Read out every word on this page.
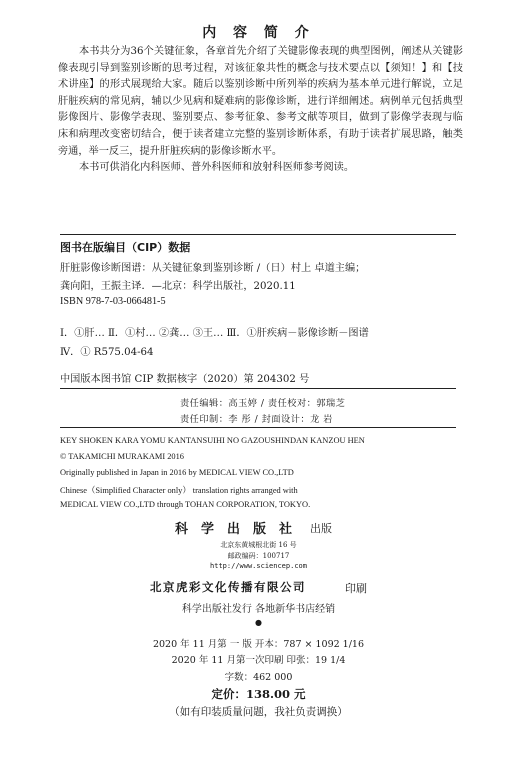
内 容 简 介

本书共分为36个关键征象，各章首先介绍了关键影像表现的典型图例，阐述从关键影像表现引导到鉴别诊断的思考过程，对该征象共性的概念与技术要点以【须知！】和【技术讲座】的形式展现给大家。随后以鉴别诊断中所列举的疾病为基本单元进行解说，立足肝脏疾病的常见病，辅以少见病和疑难病的影像诊断，进行详细阐述。病例单元包括典型影像图片、影像学表现、鉴别要点、参考征象、参考文献等项目，做到了影像学表现与临床和病理改变密切结合，便于读者建立完整的鉴别诊断体系，有助于读者扩展思路，触类旁通，举一反三，提升肝脏疾病的影像诊断水平。

本书可供消化内科医师、普外科医师和放射科医师参考阅读。

图书在版编目（CIP）数据
肝脏影像诊断图谱：从关键征象到鉴别诊断 /（日）村上 卓道主编；
龚向阳，王振主译．—北京：科学出版社，2020.11
ISBN 978-7-03-066481-5
Ⅰ．①肝… Ⅱ．①村… ②龚… ③王… Ⅲ．①肝疾病－影像诊断－图谱
Ⅳ．① R575.04-64
中国版本图书馆 CIP 数据核字（2020）第 204302 号
责任编辑：高玉婷 / 责任校对：郭瑞芝
责任印制：李 彤 / 封面设计：龙 岩
KEY SHOKEN KARA YOMU KANTANSUIHI NO GAZOUSHINDAN KANZOU HEN
© TAKAMICHI MURAKAMI 2016
Originally published in Japan in 2016 by MEDICAL VIEW CO.,LTD
Chinese（Simplified Character only） translation rights arranged with
MEDICAL VIEW CO.,LTD through TOHAN CORPORATION, TOKYO.
科学出版社 出版
北京东黄城根北街 16 号
邮政编码：100717
http://www.sciencep.com
北京虎彩文化传播有限公司	印刷
科学出版社发行 各地新华书店经销
●
2020 年 11 月第 一 版 开本：787 × 1092 1/16
2020 年 11 月第一次印刷 印张：19 1/4
字数：462 000
定价：138.00 元
（如有印装质量问题，我社负责调换）
